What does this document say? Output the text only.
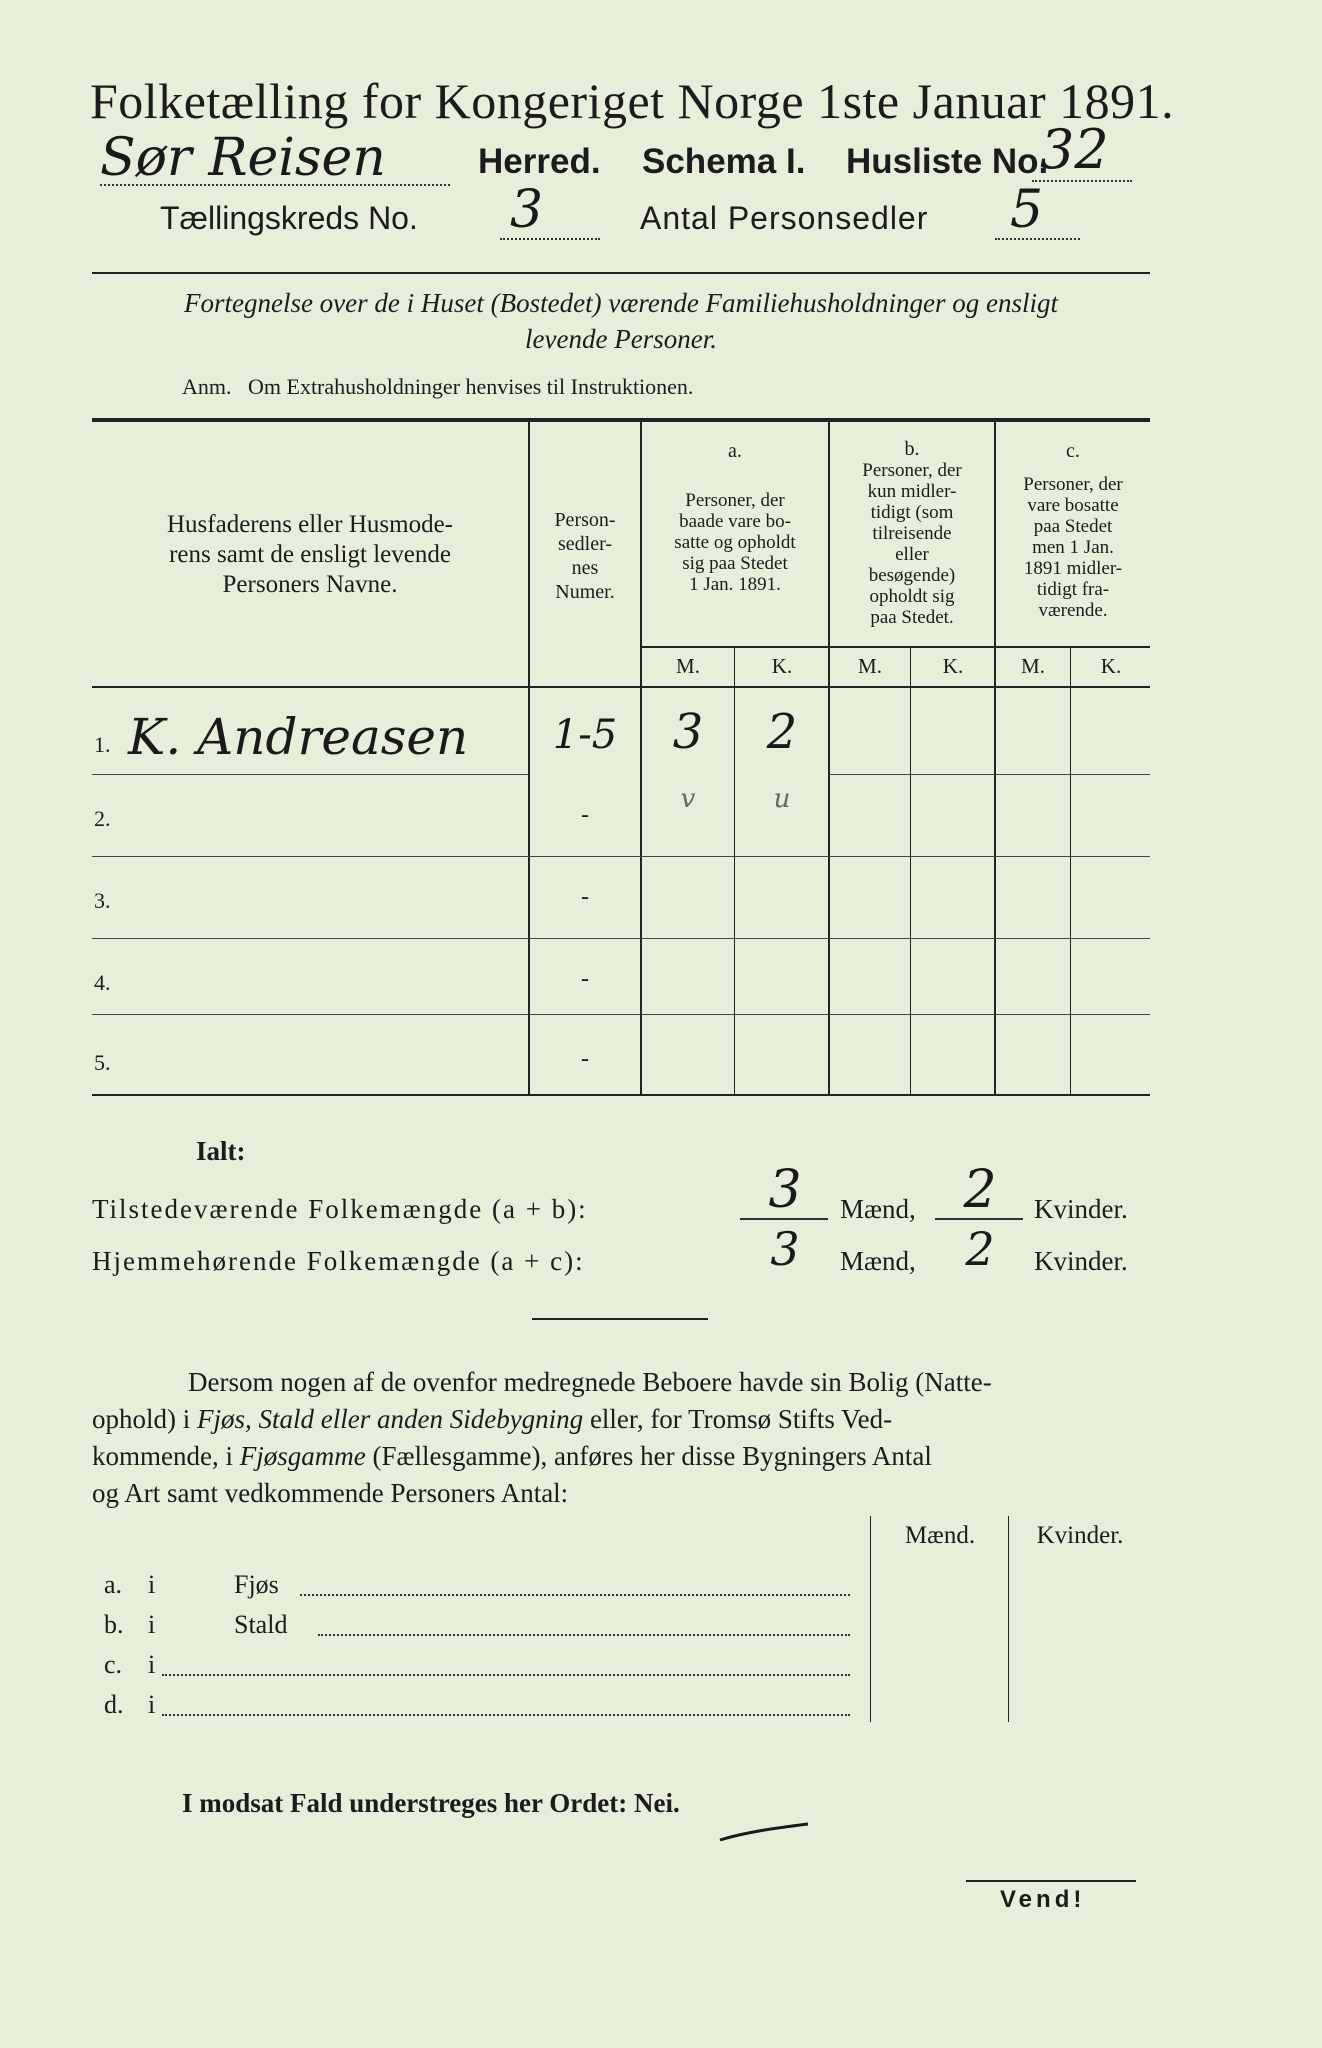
Folketælling for Kongeriget Norge 1ste Januar 1891.
Sør Reisen	Herred. Schema I. Husliste No.
32
Tællingskreds No. 3	Antal Personsedler 5
Fortegnelse over de i Huset (Bostedet) værende Familiehusholdninger og ensligt
levende Personer.
Anm.   Om Extrahusholdninger henvises til Instruktionen.
Husfaderens eller Husmode-
rens samt de ensligt levende
Personers Navne.
Person-
sedler-
nes
Numer.
a.
Personer, der
baade vare bo-
satte og opholdt
sig paa Stedet
1 Jan. 1891.
b.
Personer, der
kun midler-
tidigt (som
tilreisende
eller
besøgende)
opholdt sig
paa Stedet.
c.
Personer, der
vare bosatte
paa Stedet
men 1 Jan.
1891 midler-
tidigt fra-
værende.
M.	K.	M.	K.	M.	K.
1. K. Andreasen	1-5	3	2
2.	-
v	u
3.	-
4.	-
5.	-
Ialt:
Tilstedeværende Folkemængde (a + b):	3	Mænd, 2	Kvinder.
Hjemmehørende Folkemængde (a + c):	3	Mænd,	2	Kvinder.
Dersom nogen af de ovenfor medregnede Beboere havde sin Bolig (Natte-
ophold) i Fjøs, Stald eller anden Sidebygning eller, for Tromsø Stifts Ved-
kommende, i Fjøsgamme (Fællesgamme), anføres her disse Bygningers Antal
og Art samt vedkommende Personers Antal:
Mænd.	Kvinder.
a. i	Fjøs
b. i	Stald
c. i
d. i
I modsat Fald understreges her Ordet: Nei.
Vend!
